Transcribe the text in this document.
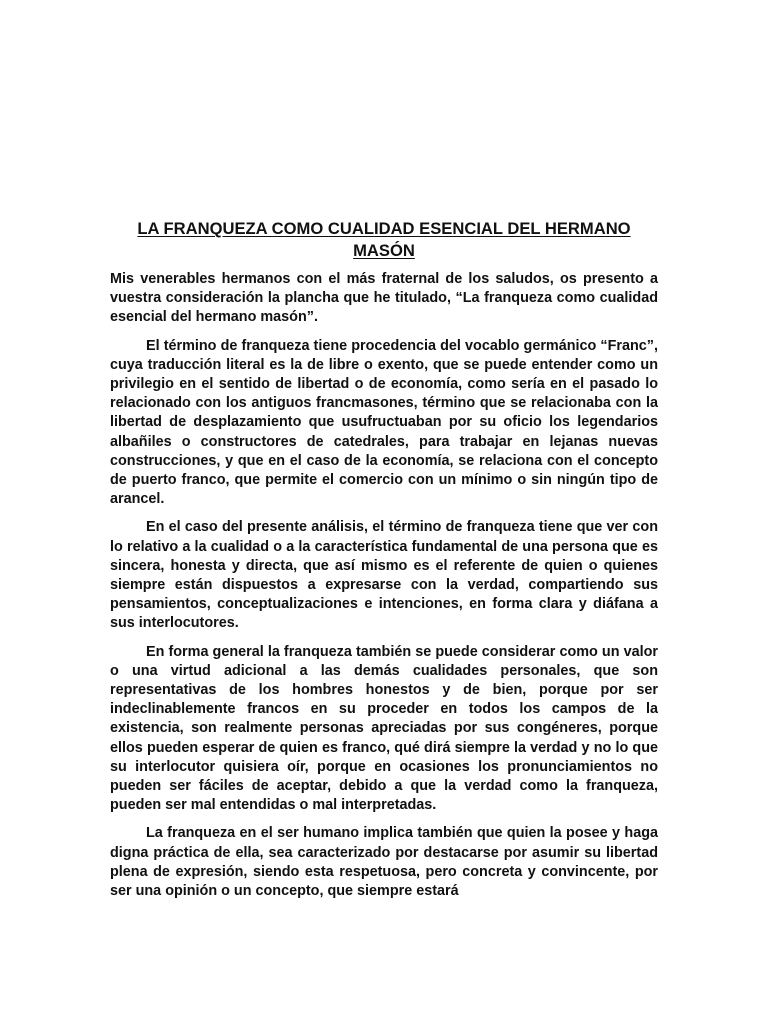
LA FRANQUEZA COMO CUALIDAD ESENCIAL DEL HERMANO MASÓN

Mis venerables hermanos con el más fraternal de los saludos, os presento a vuestra consideración la plancha que he titulado, “La franqueza como cualidad esencial del hermano masón”.

El término de franqueza tiene procedencia del vocablo germánico “Franc”, cuya traducción literal es la de libre o exento, que se puede entender como un privilegio en el sentido de libertad o de economía, como sería en el pasado lo relacionado con los antiguos francmasones, término que se relacionaba con la libertad de desplazamiento que usufructuaban por su oficio los legendarios albañiles o constructores de catedrales, para trabajar en lejanas nuevas construcciones, y que en el caso de la economía, se relaciona con el concepto de puerto franco, que permite el comercio con un mínimo o sin ningún tipo de arancel.

En el caso del presente análisis, el término de franqueza tiene que ver con lo relativo a la cualidad o a la característica fundamental de una persona que es sincera, honesta y directa, que así mismo es el referente de quien o quienes siempre están dispuestos a expresarse con la verdad, compartiendo sus pensamientos, conceptualizaciones e intenciones, en forma clara y diáfana a sus interlocutores.

En forma general la franqueza también se puede considerar como un valor o una virtud adicional a las demás cualidades personales, que son representativas de los hombres honestos y de bien, porque por ser indeclinablemente francos en su proceder en todos los campos de la existencia, son realmente personas apreciadas por sus congéneres, porque ellos pueden esperar de quien es franco, qué dirá siempre la verdad y no lo que su interlocutor quisiera oír, porque en ocasiones los pronunciamientos no pueden ser fáciles de aceptar, debido a que la verdad como la franqueza, pueden ser mal entendidas o mal interpretadas.

La franqueza en el ser humano implica también que quien la posee y haga digna práctica de ella, sea caracterizado por destacarse por asumir su libertad plena de expresión, siendo esta respetuosa, pero concreta y convincente, por ser una opinión o un concepto, que siempre estará
